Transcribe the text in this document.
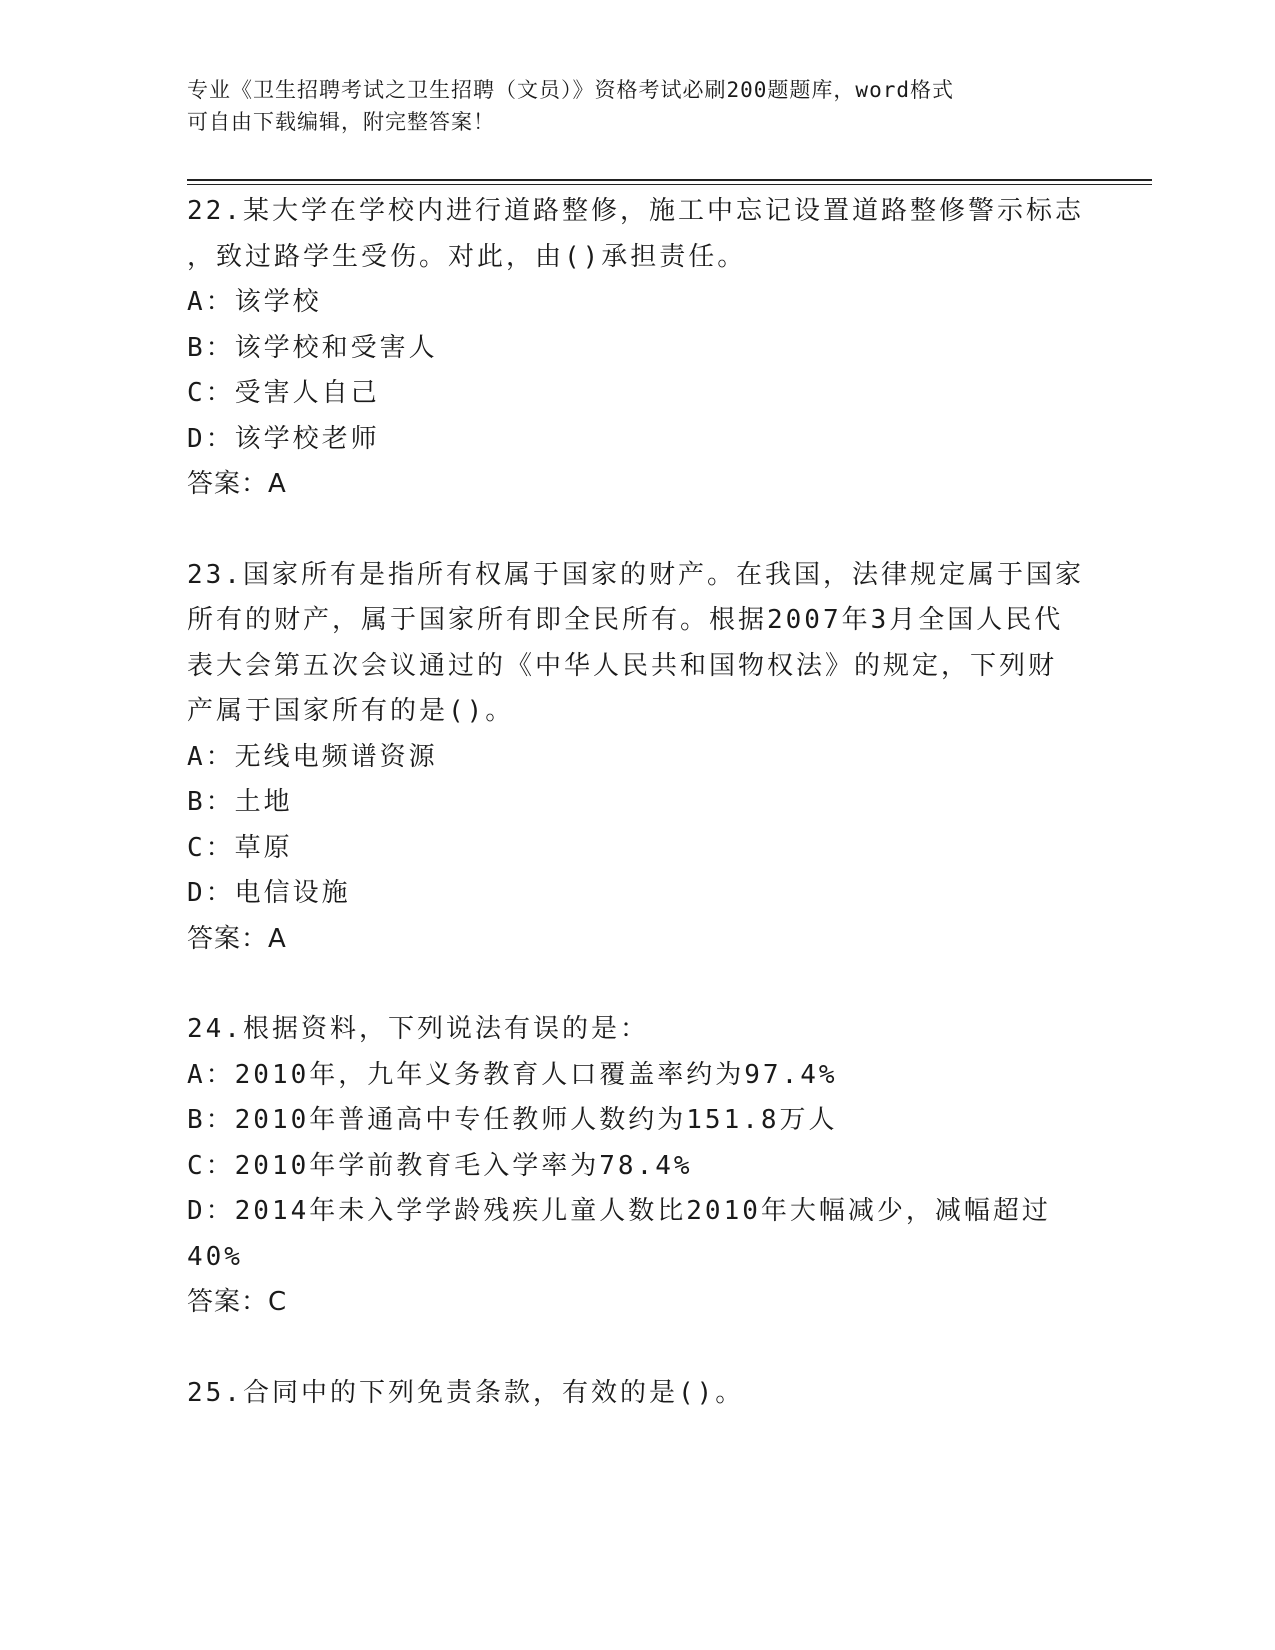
专业《卫生招聘考试之卫生招聘（文员）》资格考试必刷200题题库，word格式
可自由下载编辑，附完整答案！
22.某大学在学校内进行道路整修，施工中忘记设置道路整修警示标志
，致过路学生受伤。对此，由()承担责任。
A：该学校
B：该学校和受害人
C：受害人自己
D：该学校老师
答案：A
23.国家所有是指所有权属于国家的财产。在我国，法律规定属于国家
所有的财产，属于国家所有即全民所有。根据2007年3月全国人民代
表大会第五次会议通过的《中华人民共和国物权法》的规定，下列财
产属于国家所有的是()。
A：无线电频谱资源
B：土地
C：草原
D：电信设施
答案：A
24.根据资料，下列说法有误的是：
A：2010年，九年义务教育人口覆盖率约为97.4%
B：2010年普通高中专任教师人数约为151.8万人
C：2010年学前教育毛入学率为78.4%
D：2014年未入学学龄残疾儿童人数比2010年大幅减少，减幅超过
40%
答案：C
25.合同中的下列免责条款，有效的是()。
